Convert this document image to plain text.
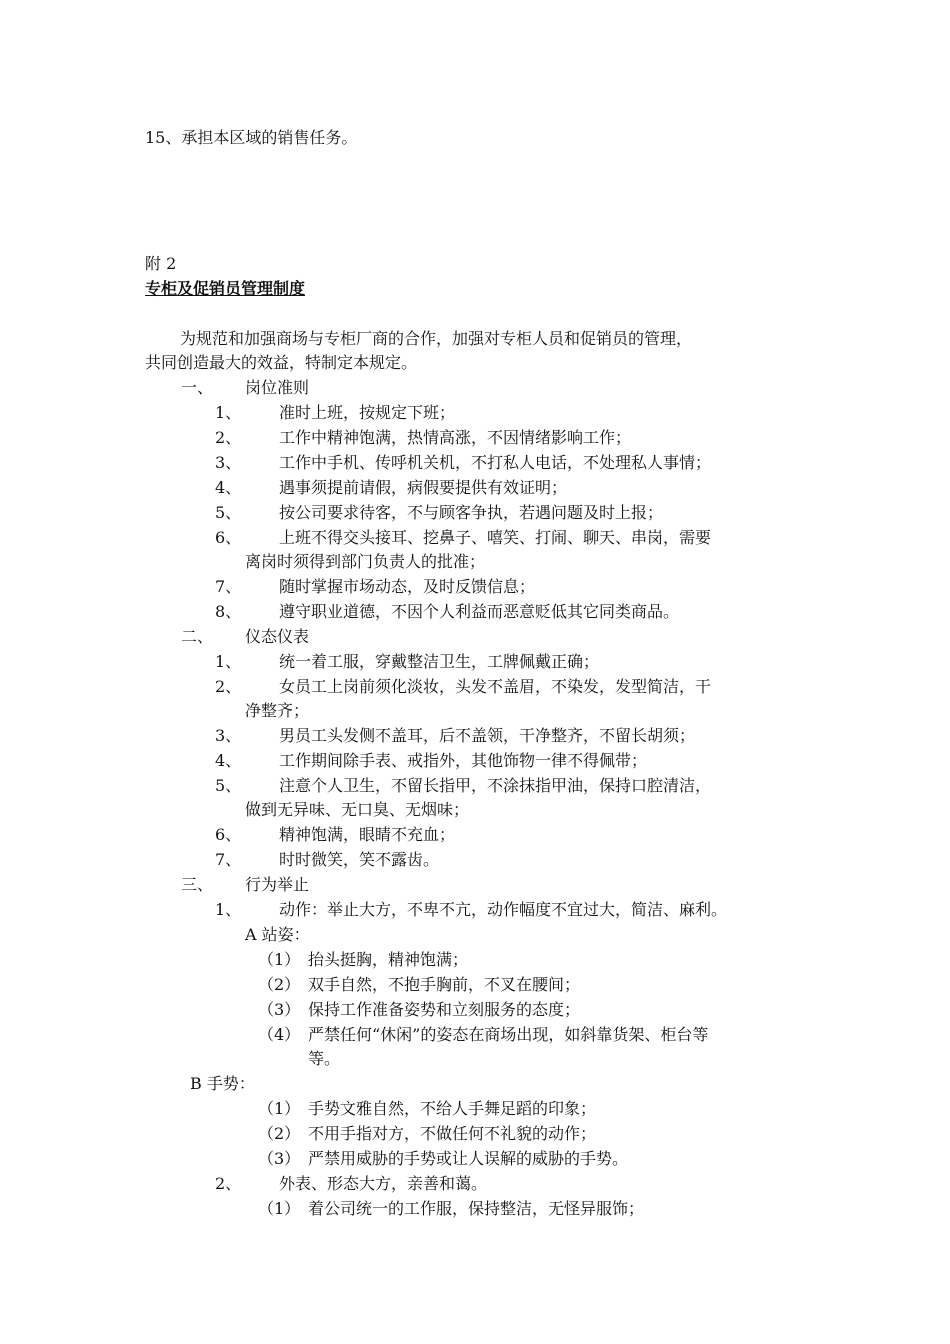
15、承担本区域的销售任务。
附 2
专柜及促销员管理制度
为规范和加强商场与专柜厂商的合作，加强对专柜人员和促销员的管理，
共同创造最大的效益，特制定本规定。
一、 岗位准则
1、 准时上班，按规定下班；
2、 工作中精神饱满，热情高涨，不因情绪影响工作；
3、 工作中手机、传呼机关机，不打私人电话，不处理私人事情；
4、 遇事须提前请假，病假要提供有效证明；
5、 按公司要求待客，不与顾客争执，若遇问题及时上报；
6、 上班不得交头接耳、挖鼻子、嘻笑、打闹、聊天、串岗，需要
离岗时须得到部门负责人的批准；
7、 随时掌握市场动态，及时反馈信息；
8、 遵守职业道德，不因个人利益而恶意贬低其它同类商品。
二、 仪态仪表
1、 统一着工服，穿戴整洁卫生，工牌佩戴正确；
2、 女员工上岗前须化淡妆，头发不盖眉，不染发，发型简洁，干
净整齐；
3、 男员工头发侧不盖耳，后不盖领，干净整齐，不留长胡须；
4、 工作期间除手表、戒指外，其他饰物一律不得佩带；
5、 注意个人卫生，不留长指甲，不涂抹指甲油，保持口腔清洁，
做到无异味、无口臭、无烟味；
6、 精神饱满，眼睛不充血；
7、 时时微笑，笑不露齿。
三、 行为举止
1、 动作：举止大方，不卑不亢，动作幅度不宜过大，简洁、麻利。
A 站姿：
（1） 抬头挺胸，精神饱满；
（2） 双手自然，不抱手胸前，不叉在腰间；
（3） 保持工作准备姿势和立刻服务的态度；
（4） 严禁任何“休闲”的姿态在商场出现，如斜靠货架、柜台等
等。
B 手势：
（1） 手势文雅自然，不给人手舞足蹈的印象；
（2） 不用手指对方，不做任何不礼貌的动作；
（3） 严禁用威胁的手势或让人误解的威胁的手势。
2、 外表、形态大方，亲善和蔼。
（1） 着公司统一的工作服，保持整洁，无怪异服饰；
